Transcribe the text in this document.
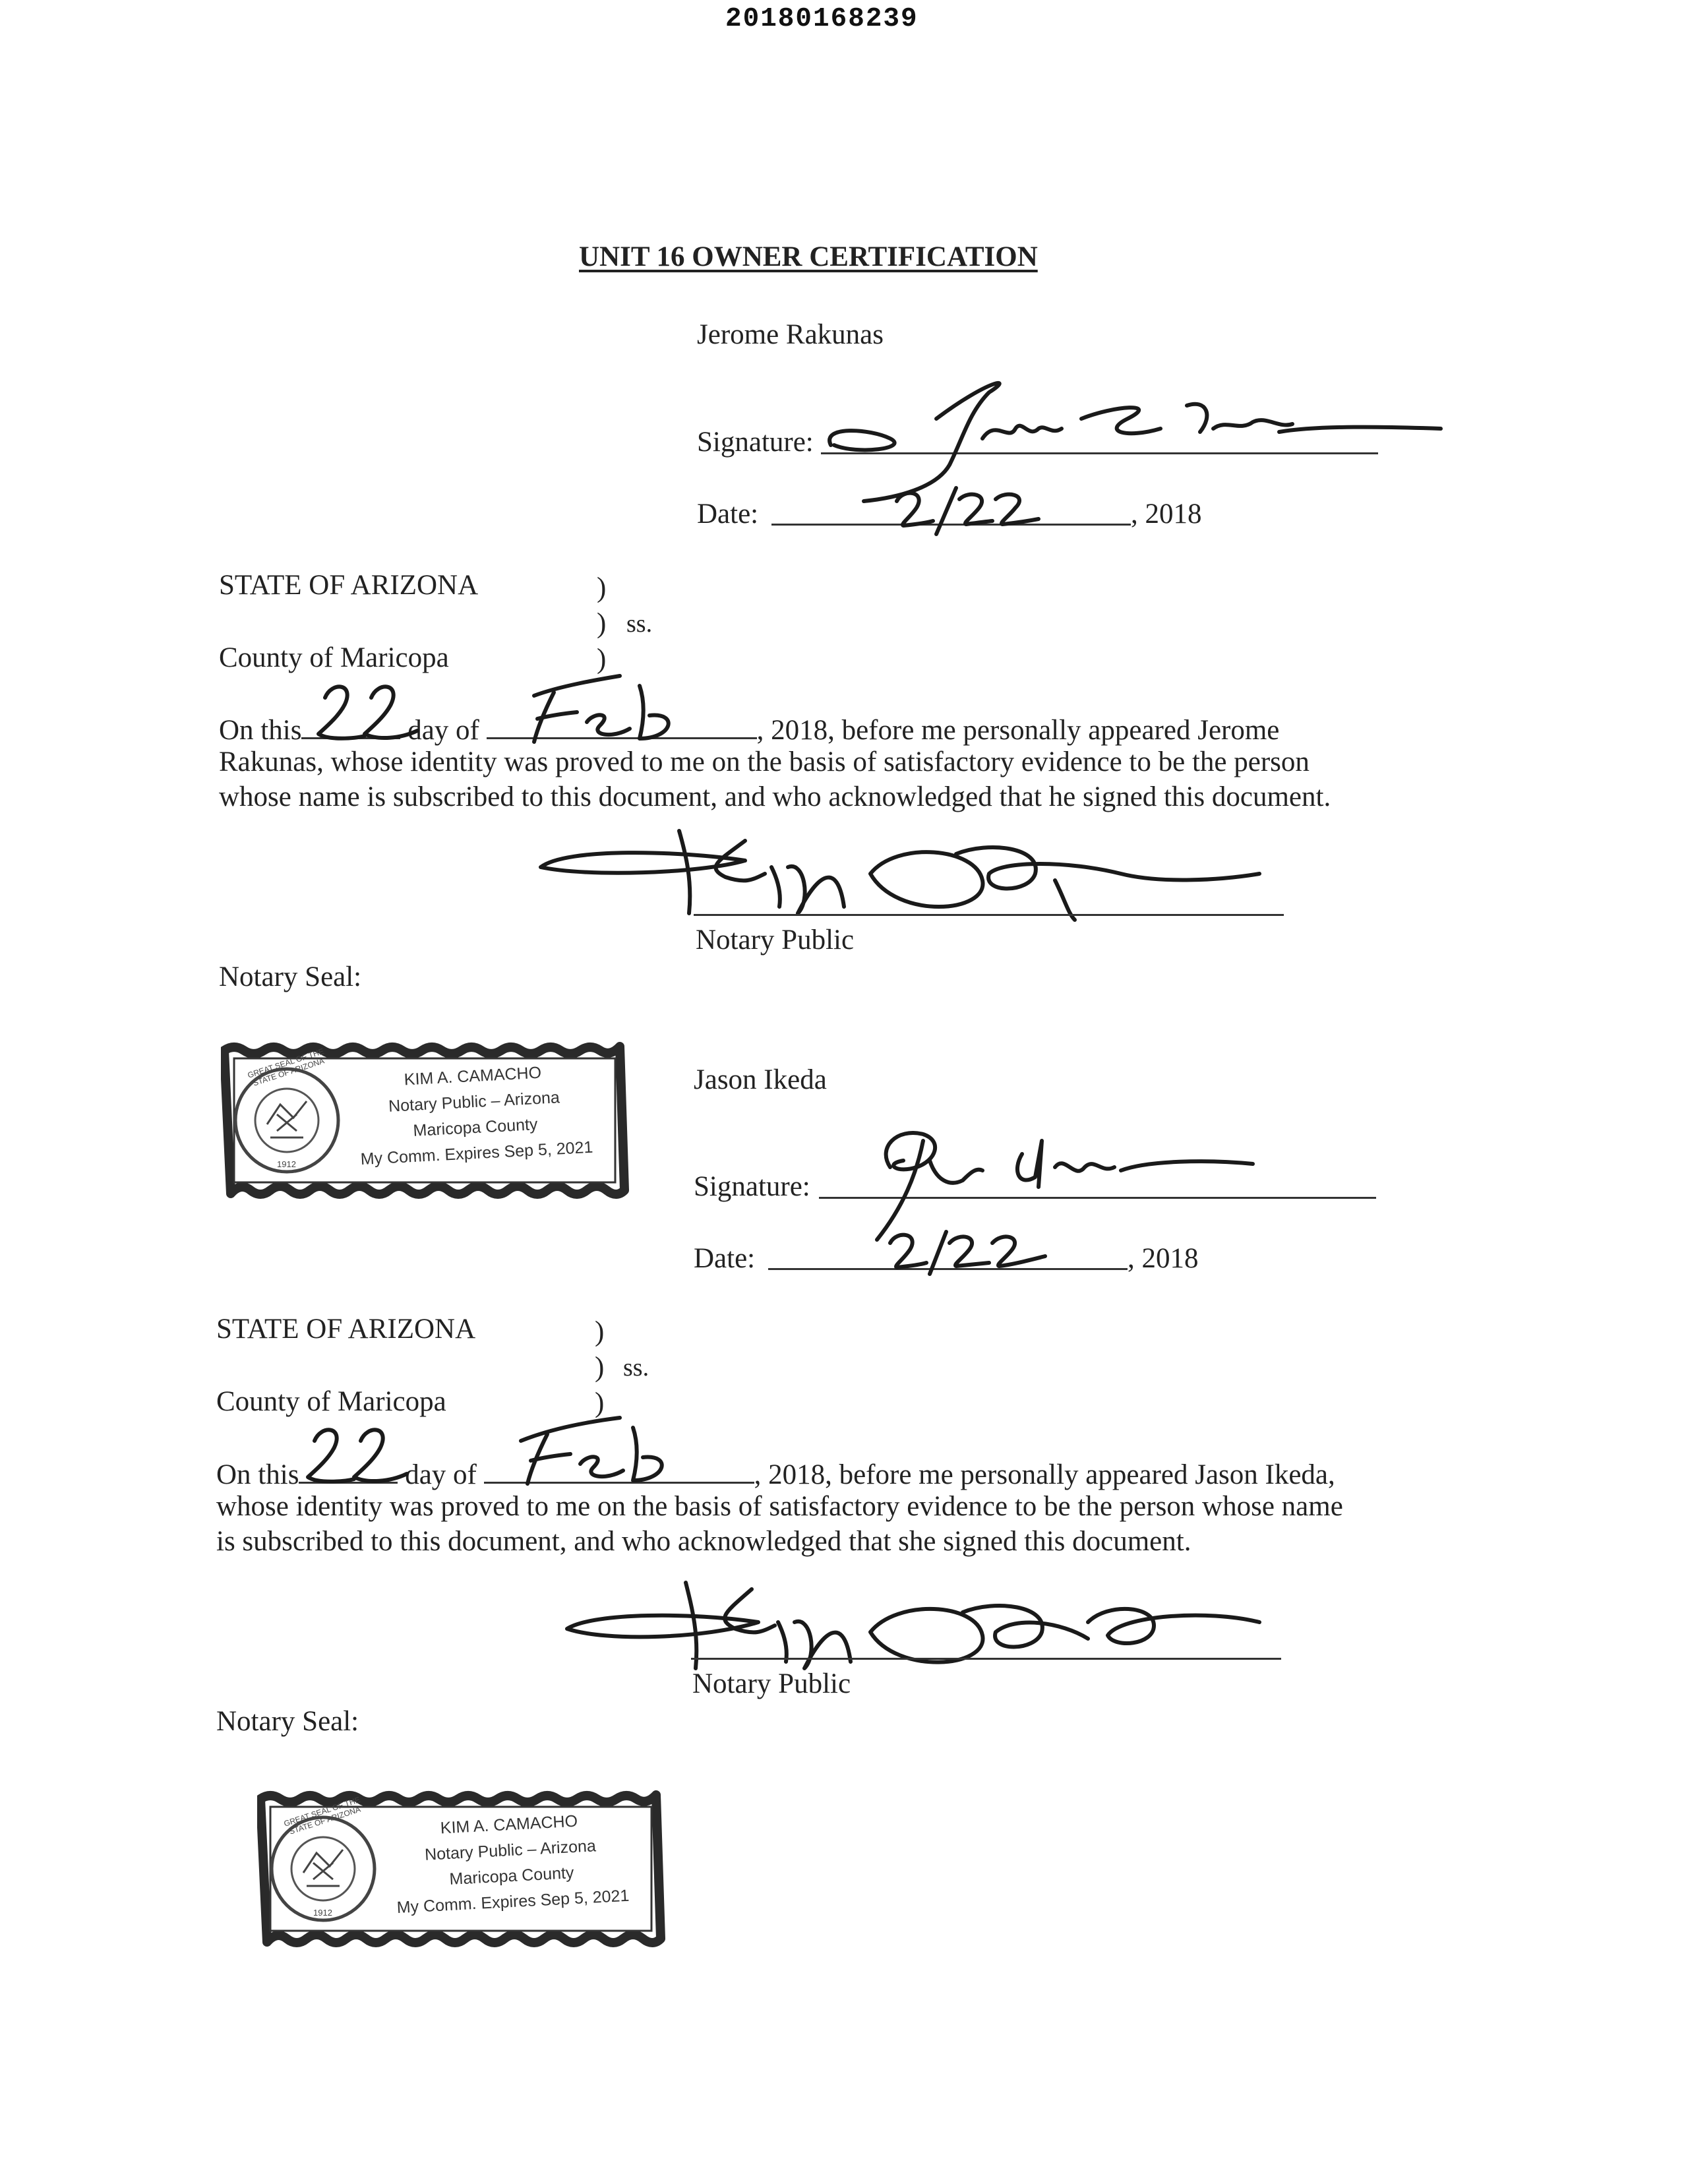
20180168239
UNIT 16 OWNER CERTIFICATION
Jerome Rakunas
Signature:
Date:	, 2018
STATE OF ARIZONA	)
) ss.
)
County of Maricopa
On this	day of	, 2018, before me personally appeared Jerome
Rakunas, whose identity was proved to me on the basis of satisfactory evidence to be the person
whose name is subscribed to this document, and who acknowledged that he signed this document.
Notary Public
Notary Seal:
GREAT SEAL OF THE STATE OF ARIZONA
1912
KIM A. CAMACHO
Notary Public – Arizona
Maricopa County
My Comm. Expires Sep 5, 2021
Jason Ikeda
Signature:
Date:	, 2018
STATE OF ARIZONA	)
) ss.
)
County of Maricopa
On this	day of	, 2018, before me personally appeared Jason Ikeda,
whose identity was proved to me on the basis of satisfactory evidence to be the person whose name
is subscribed to this document, and who acknowledged that she signed this document.
Notary Public
Notary Seal:
GREAT SEAL OF THE STATE OF ARIZONA
1912
KIM A. CAMACHO
Notary Public – Arizona
Maricopa County
My Comm. Expires Sep 5, 2021
